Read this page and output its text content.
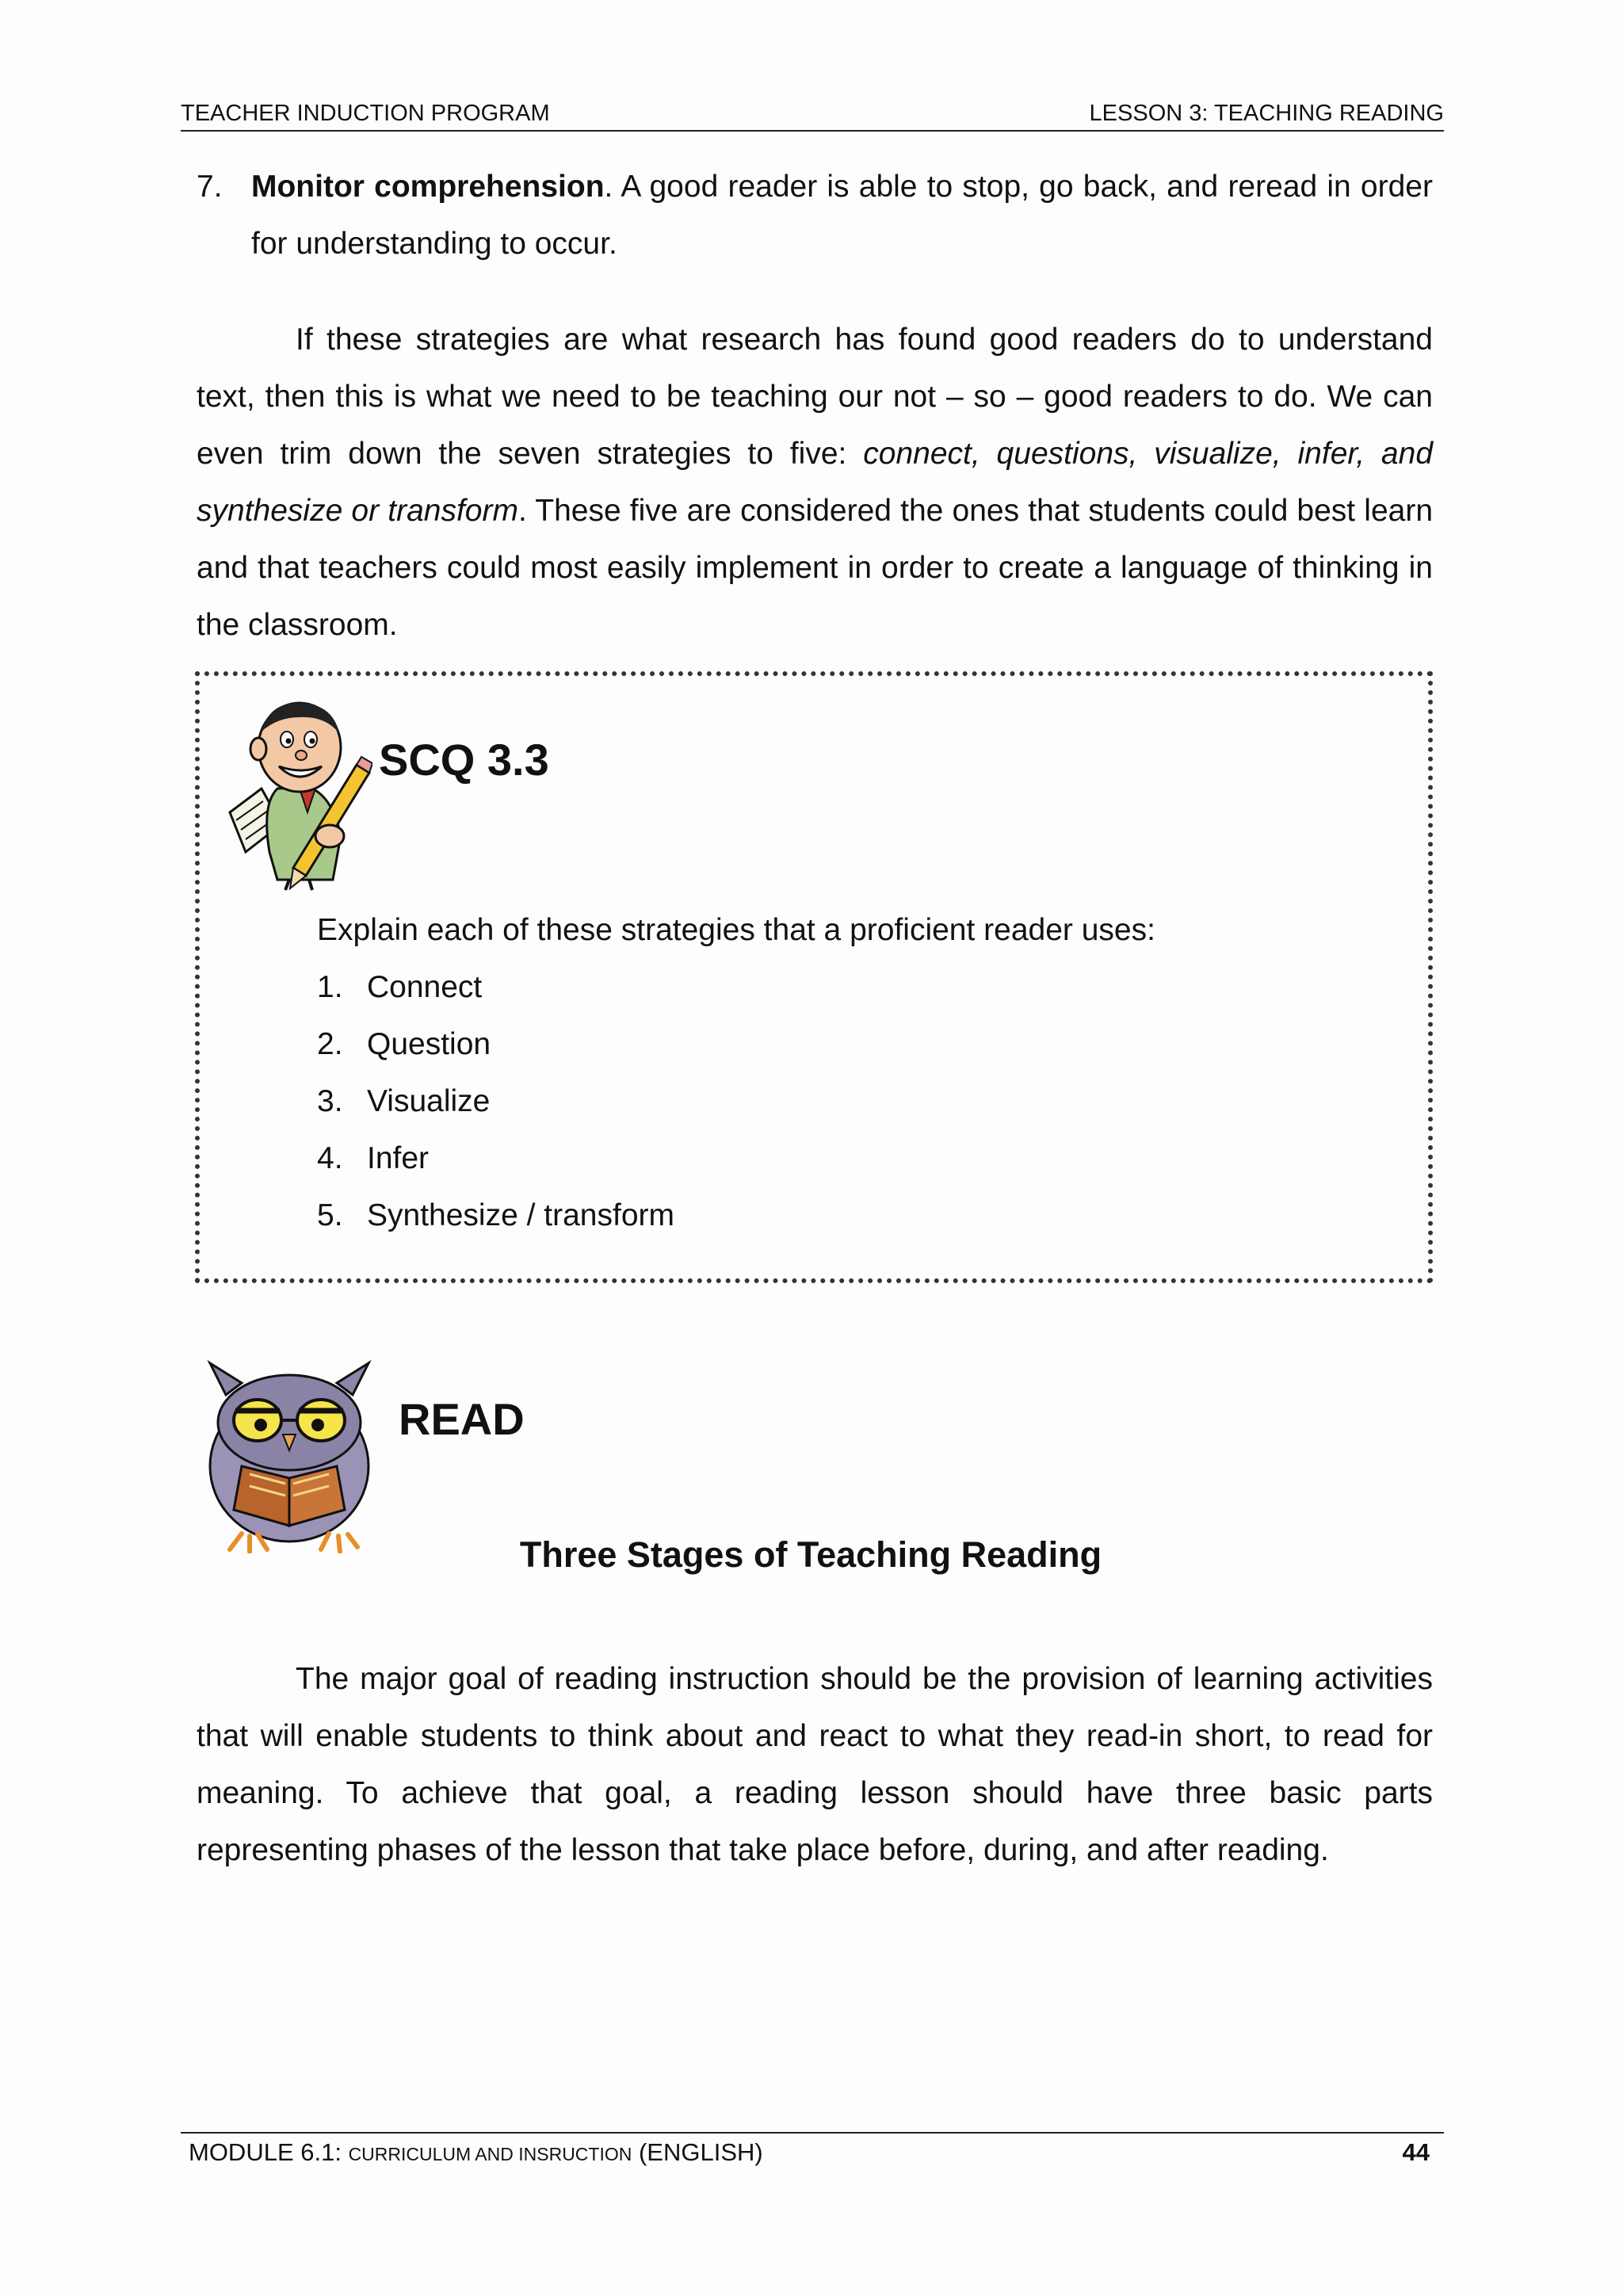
TEACHER INDUCTION PROGRAM	LESSON 3: TEACHING READING
7. Monitor comprehension. A good reader is able to stop, go back, and reread in order for understanding to occur.
If these strategies are what research has found good readers do to understand text, then this is what we need to be teaching our not – so – good readers to do. We can even trim down the seven strategies to five: connect, questions, visualize, infer, and synthesize or transform. These five are considered the ones that students could best learn and that teachers could most easily implement in order to create a language of thinking in the classroom.
SCQ 3.3
Explain each of these strategies that a proficient reader uses:
1. Connect
2. Question
3. Visualize
4. Infer
5. Synthesize / transform
READ
Three Stages of Teaching Reading
The major goal of reading instruction should be the provision of learning activities that will enable students to think about and react to what they read-in short, to read for meaning. To achieve that goal, a reading lesson should have three basic parts representing phases of the lesson that take place before, during, and after reading.
MODULE 6.1: CURRICULUM AND INSRUCTION (ENGLISH)	44
